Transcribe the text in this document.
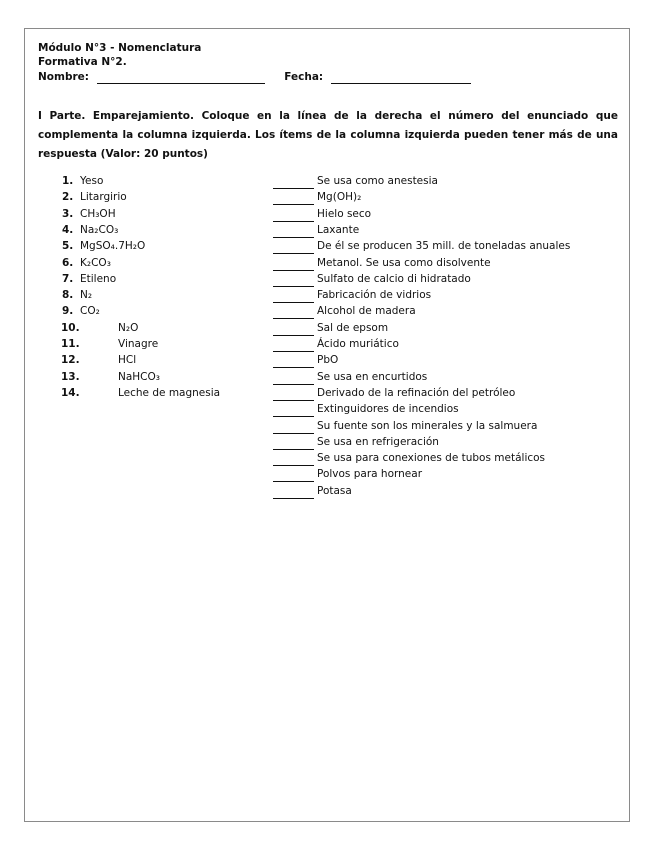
Módulo N°3 - Nomenclatura
Formativa N°2.
Nombre:	Fecha:
I Parte. Emparejamiento. Coloque en la línea de la derecha el número del enunciado que complementa la columna izquierda. Los ítems de la columna izquierda pueden tener más de una respuesta (Valor: 20 puntos)
1. Yeso
2. Litargirio
3. CH₃OH
4. Na₂CO₃
5. MgSO₄.7H₂O
6. K₂CO₃
7. Etileno
8. N₂
9. CO₂
10.	N₂O
11.	Vinagre
12.	HCl
13.	NaHCO₃
14.	Leche de magnesia
Se usa como anestesia
Mg(OH)₂
Hielo seco
Laxante
De él se producen 35 mill. de toneladas anuales
Metanol. Se usa como disolvente
Sulfato de calcio di hidratado
Fabricación de vidrios
Alcohol de madera
Sal de epsom
Ácido muriático
PbO
Se usa en encurtidos
Derivado de la refinación del petróleo
Extinguidores de incendios
Su fuente son los minerales y la salmuera
Se usa en refrigeración
Se usa para conexiones de tubos metálicos
Polvos para hornear
Potasa
